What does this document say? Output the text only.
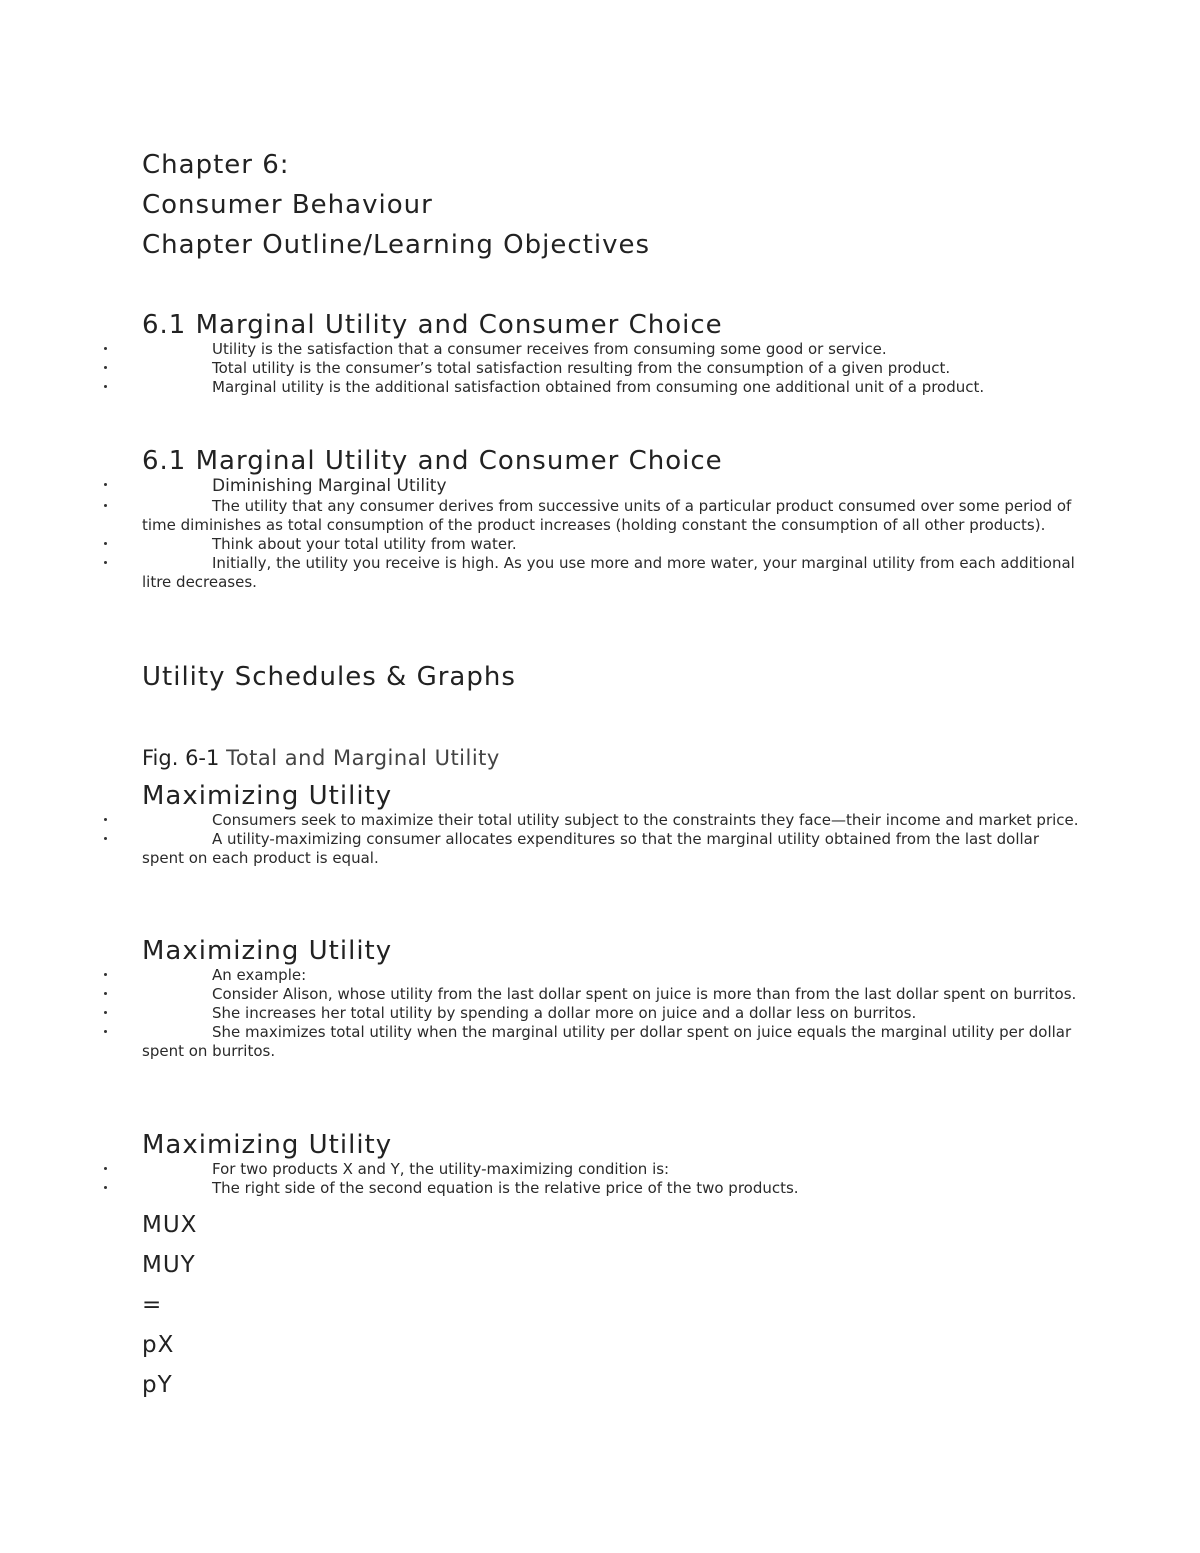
Chapter 6:
Consumer Behaviour
Chapter Outline/Learning Objectives
6.1 Marginal Utility and Consumer Choice
Utility is the satisfaction that a consumer receives from consuming some good or service.
Total utility is the consumer’s total satisfaction resulting from the consumption of a given product.
Marginal utility is the additional satisfaction obtained from consuming one additional unit of a product.
6.1 Marginal Utility and Consumer Choice
Diminishing Marginal Utility
The utility that any consumer derives from successive units of a particular product consumed over some period of time diminishes as total consumption of the product increases (holding constant the consumption of all other products).
Think about your total utility from water.
Initially, the utility you receive is high. As you use more and more water, your marginal utility from each additional litre decreases.
Utility Schedules & Graphs
Fig. 6-1 Total and Marginal Utility
Maximizing Utility
Consumers seek to maximize their total utility subject to the constraints they face—their income and market price.
A utility-maximizing consumer allocates expenditures so that the marginal utility obtained from the last dollar spent on each product is equal.
Maximizing Utility
An example:
Consider Alison, whose utility from the last dollar spent on juice is more than from the last dollar spent on burritos.
She increases her total utility by spending a dollar more on juice and a dollar less on burritos.
She maximizes total utility when the marginal utility per dollar spent on juice equals the marginal utility per dollar spent on burritos.
Maximizing Utility
For two products X and Y, the utility-maximizing condition is:
The right side of the second equation is the relative price of the two products.
MUX
MUY
=
pX
pY
